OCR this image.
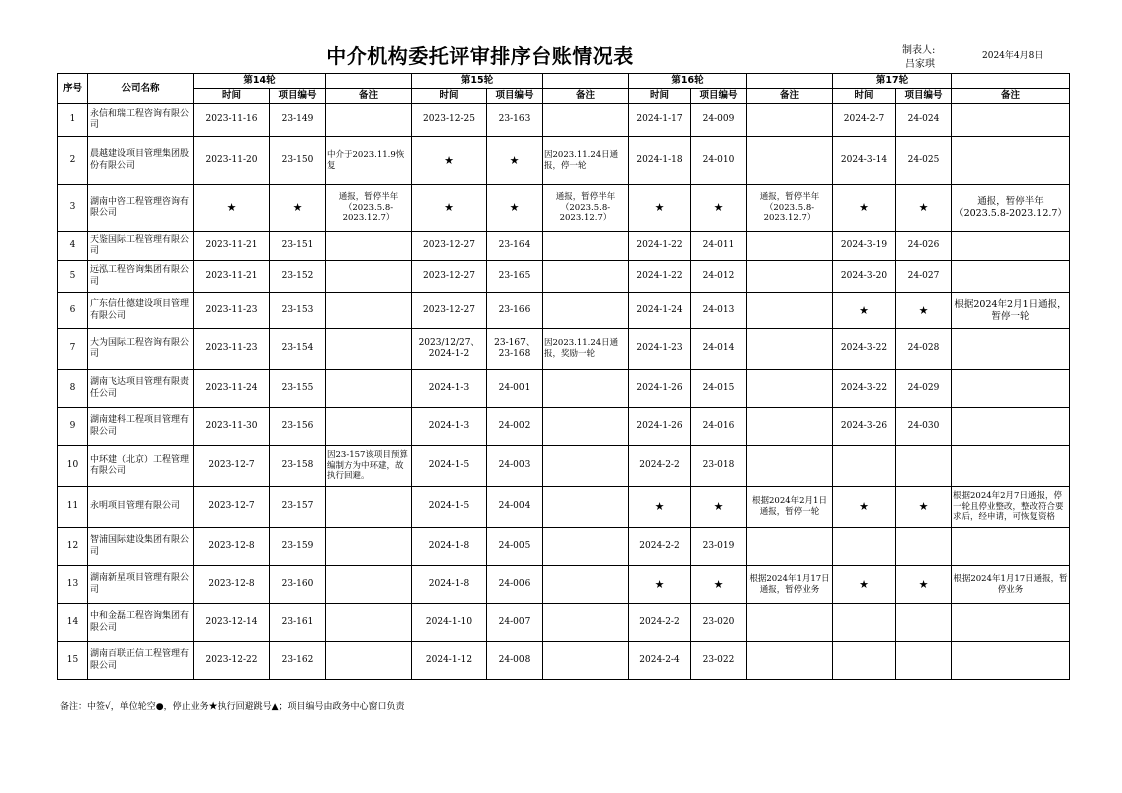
中介机构委托评审排序台账情况表	制表人:
吕家琪
2024年4月8日
序号	公司名称	第14轮			第15轮			第16轮			第17轮		
		时间	项目编号	备注	时间	项目编号	备注	时间	项目编号	备注	时间	项目编号	备注
1	永信和瑞工程咨询有限公司	2023-11-16	23-149		2023-12-25	23-163		2024-1-17	24-009		2024-2-7	24-024	
2	晨越建设项目管理集团股份有限公司	2023-11-20	23-150	中介于2023.11.9恢复	★	★	因2023.11.24日通报，停一轮	2024-1-18	24-010		2024-3-14	24-025	
3	湖南中咨工程管理咨询有限公司	★	★	通报，暂停半年（2023.5.8-2023.12.7）	★	★	通报，暂停半年（2023.5.8-2023.12.7）	★	★	通报，暂停半年（2023.5.8-2023.12.7）	★	★	通报，暂停半年（2023.5.8-2023.12.7）
4	天鉴国际工程管理有限公司	2023-11-21	23-151		2023-12-27	23-164		2024-1-22	24-011		2024-3-19	24-026	
5	远泓工程咨询集团有限公司	2023-11-21	23-152		2023-12-27	23-165		2024-1-22	24-012		2024-3-20	24-027	
6	广东信仕德建设项目管理有限公司	2023-11-23	23-153		2023-12-27	23-166		2024-1-24	24-013		★	★	根据2024年2月1日通报，暂停一轮
7	大为国际工程咨询有限公司	2023-11-23	23-154		2023/12/27、2024-1-2	23-167、23-168	因2023.11.24日通报，奖励一轮	2024-1-23	24-014		2024-3-22	24-028	
8	湖南飞达项目管理有限责任公司	2023-11-24	23-155		2024-1-3	24-001		2024-1-26	24-015		2024-3-22	24-029	
9	湖南建科工程项目管理有限公司	2023-11-30	23-156		2024-1-3	24-002		2024-1-26	24-016		2024-3-26	24-030	
10	中环建（北京）工程管理有限公司	2023-12-7	23-158	因23-157该项目预算编制方为中环建，故执行回避。	2024-1-5	24-003		2024-2-2	23-018				
11	永明项目管理有限公司	2023-12-7	23-157		2024-1-5	24-004		★	★	根据2024年2月1日通报，暂停一轮	★	★	根据2024年2月7日通报，停一轮且停业整改，整改符合要求后，经申请，可恢复资格
12	智浦国际建设集团有限公司	2023-12-8	23-159		2024-1-8	24-005		2024-2-2	23-019				
13	湖南新星项目管理有限公司	2023-12-8	23-160		2024-1-8	24-006		★	★	根据2024年1月17日通报，暂停业务	★	★	根据2024年1月17日通报，暂停业务
14	中和金磊工程咨询集团有限公司	2023-12-14	23-161		2024-1-10	24-007		2024-2-2	23-020				
15	湖南百联正信工程管理有限公司	2023-12-22	23-162		2024-1-12	24-008		2024-2-4	23-022				
备注：中签√，单位轮空●，停止业务★执行回避跳号▲；项目编号由政务中心窗口负责
